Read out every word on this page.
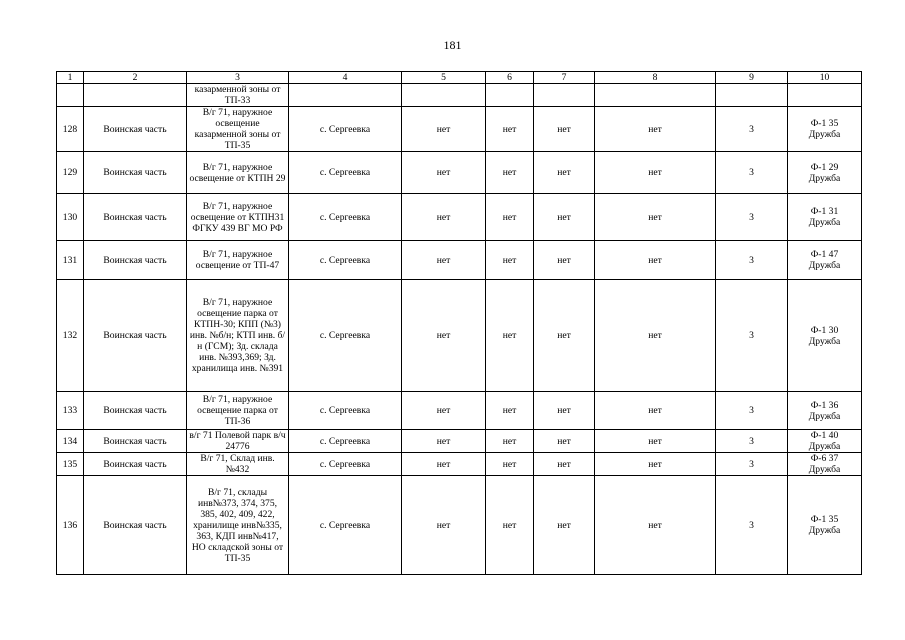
181
1	2	3	4	5	6	7	8	9	10
		казарменной зоны от ТП-33							
128	Воинская часть	В/г 71, наружное освещение казарменной зоны от ТП-35	с. Сергеевка	нет	нет	нет	нет	3	Ф-1 35 Дружба
129	Воинская часть	В/г 71, наружное освещение от КТПН 29	с. Сергеевка	нет	нет	нет	нет	3	Ф-1 29 Дружба
130	Воинская часть	В/г 71, наружное освещение от КТПН31 ФГКУ 439 ВГ МО РФ	с. Сергеевка	нет	нет	нет	нет	3	Ф-1 31 Дружба
131	Воинская часть	В/г 71, наружное освещение от ТП-47	с. Сергеевка	нет	нет	нет	нет	3	Ф-1 47 Дружба
132	Воинская часть	В/г 71, наружное освещение парка от КТПН-30; КПП (№3) инв. №б/н; КТП инв. б/н (ГСМ); Зд. склада инв. №393,369; Зд. хранилища инв. №391	с. Сергеевка	нет	нет	нет	нет	3	Ф-1 30 Дружба
133	Воинская часть	В/г 71, наружное освещение парка от ТП-36	с. Сергеевка	нет	нет	нет	нет	3	Ф-1 36 Дружба
134	Воинская часть	в/г 71 Полевой парк в/ч 24776	с. Сергеевка	нет	нет	нет	нет	3	Ф-1 40 Дружба
135	Воинская часть	В/г 71, Склад инв. №432	с. Сергеевка	нет	нет	нет	нет	3	Ф-6 37 Дружба
136	Воинская часть	В/г 71, склады инв№373, 374, 375, 385, 402, 409, 422, хранилище инв№335, 363, КДП инв№417, НО складской зоны от ТП-35	с. Сергеевка	нет	нет	нет	нет	3	Ф-1 35 Дружба
